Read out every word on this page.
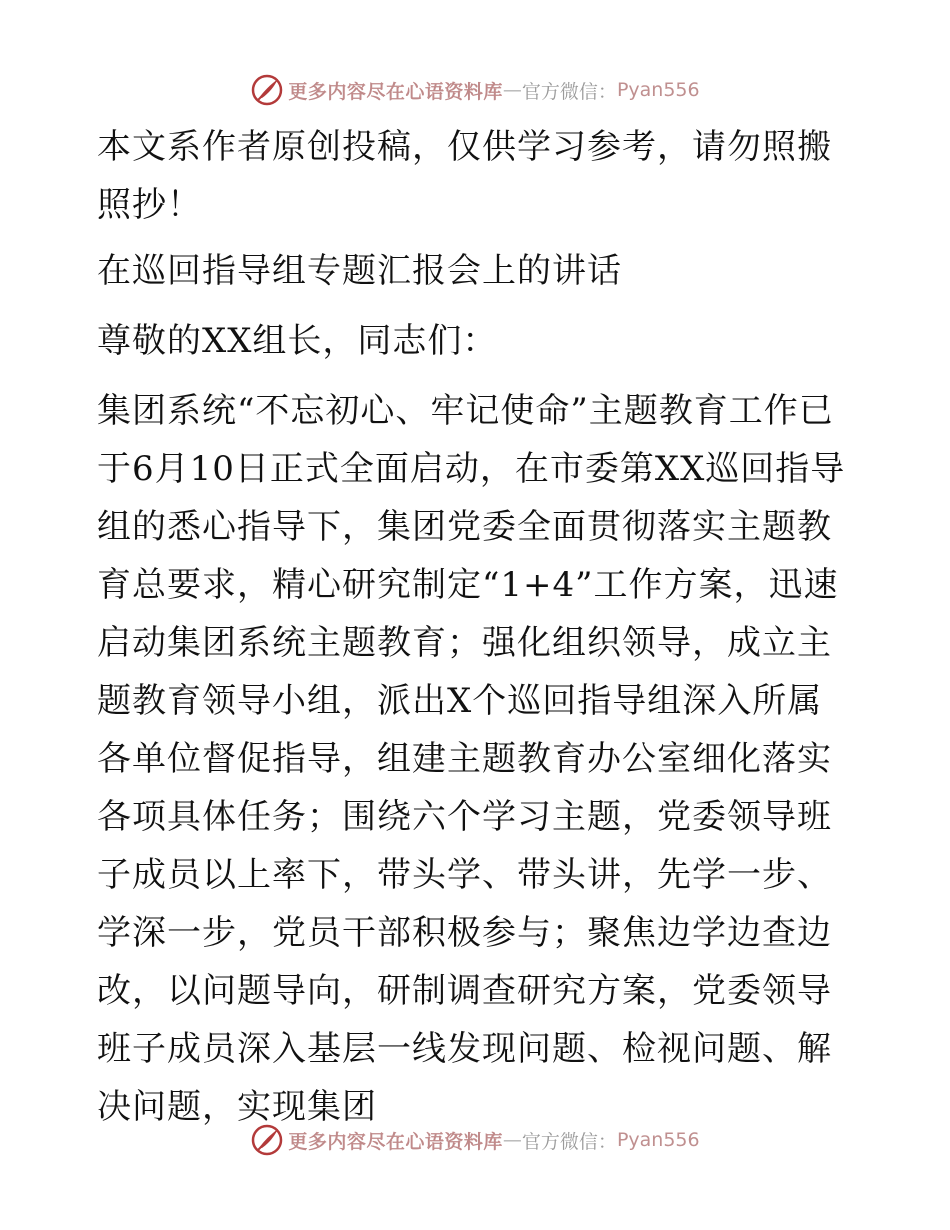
更多内容尽在心语资料库 — 官方微信： Pyan556

本文系作者原创投稿，仅供学习参考，请勿照搬照抄！

在巡回指导组专题汇报会上的讲话

尊敬的XX组长，同志们：

集团系统“不忘初心、牢记使命”主题教育工作已于6月10日正式全面启动，在市委第XX巡回指导组的悉心指导下，集团党委全面贯彻落实主题教育总要求，精心研究制定“1+4”工作方案，迅速启动集团系统主题教育；强化组织领导，成立主题教育领导小组，派出X个巡回指导组深入所属各单位督促指导，组建主题教育办公室细化落实各项具体任务；围绕六个学习主题，党委领导班子成员以上率下，带头学、带头讲，先学一步、学深一步，党员干部积极参与；聚焦边学边查边改，以问题导向，研制调查研究方案，党委领导班子成员深入基层一线发现问题、检视问题、解决问题，实现集团

更多内容尽在心语资料库 — 官方微信： Pyan556
